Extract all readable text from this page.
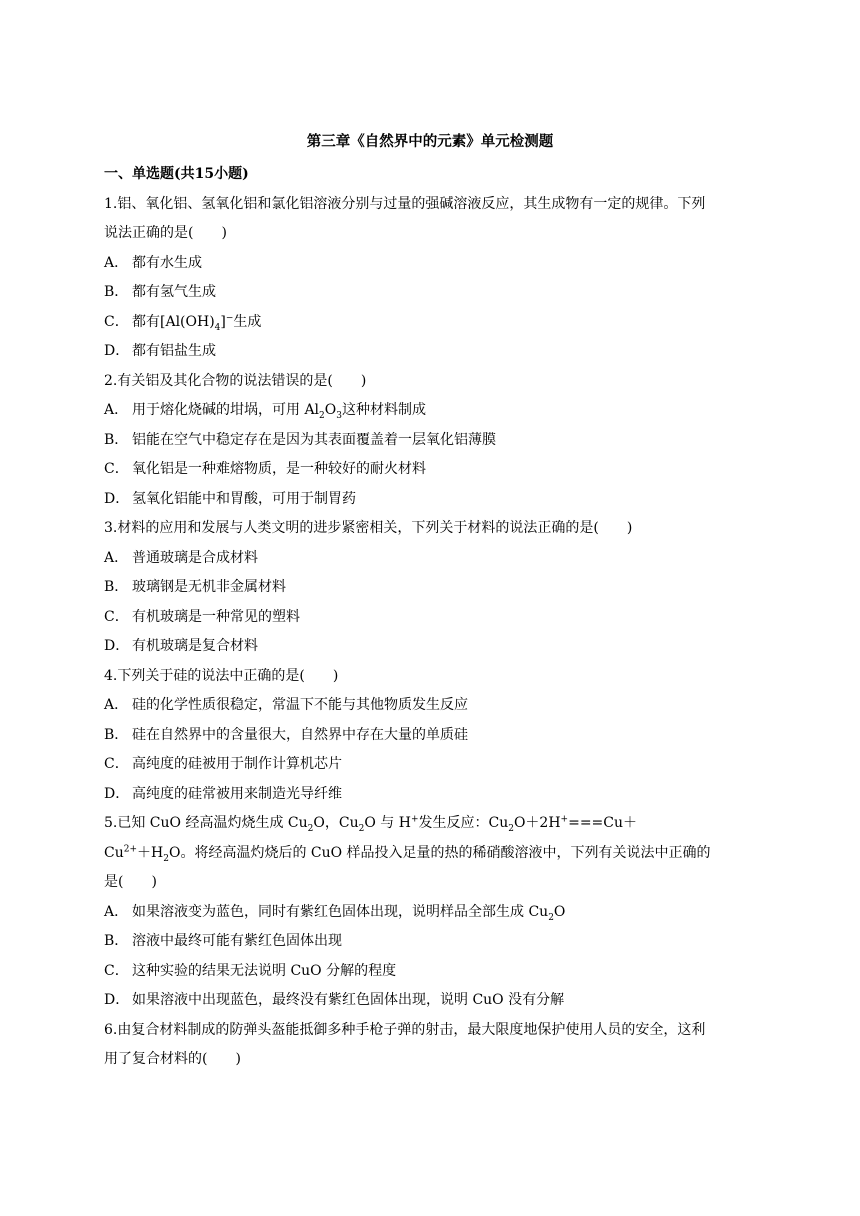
第三章《自然界中的元素》单元检测题
一、单选题(共15小题)
1.铝、氧化铝、氢氧化铝和氯化铝溶液分别与过量的强碱溶液反应，其生成物有一定的规律。下列
说法正确的是(　　)
A． 都有水生成
B． 都有氢气生成
C． 都有$[Al(OH)_4]^-$生成
D． 都有铝盐生成
2.有关铝及其化合物的说法错误的是(　　)
A． 用于熔化烧碱的坩埚，可用 $Al_2O_3$这种材料制成
B． 铝能在空气中稳定存在是因为其表面覆盖着一层氧化铝薄膜
C． 氧化铝是一种难熔物质，是一种较好的耐火材料
D． 氢氧化铝能中和胃酸，可用于制胃药
3.材料的应用和发展与人类文明的进步紧密相关，下列关于材料的说法正确的是(　　)
A． 普通玻璃是合成材料
B． 玻璃钢是无机非金属材料
C． 有机玻璃是一种常见的塑料
D． 有机玻璃是复合材料
4.下列关于硅的说法中正确的是(　　)
A． 硅的化学性质很稳定，常温下不能与其他物质发生反应
B． 硅在自然界中的含量很大，自然界中存在大量的单质硅
C． 高纯度的硅被用于制作计算机芯片
D． 高纯度的硅常被用来制造光导纤维
5.已知 CuO 经高温灼烧生成 $Cu_2O$，$Cu_2O$ 与 H+发生反应：$Cu_2O+2H^+===Cu+$
$Cu^{2+}+H_2O$。将经高温灼烧后的 CuO 样品投入足量的热的稀硝酸溶液中，下列有关说法中正确的
是(　　)
A． 如果溶液变为蓝色，同时有紫红色固体出现，说明样品全部生成 $Cu_2O$
B． 溶液中最终可能有紫红色固体出现
C． 这种实验的结果无法说明 CuO 分解的程度
D． 如果溶液中出现蓝色，最终没有紫红色固体出现，说明 CuO 没有分解
6.由复合材料制成的防弹头盔能抵御多种手枪子弹的射击，最大限度地保护使用人员的安全，这利
用了复合材料的(　　)
